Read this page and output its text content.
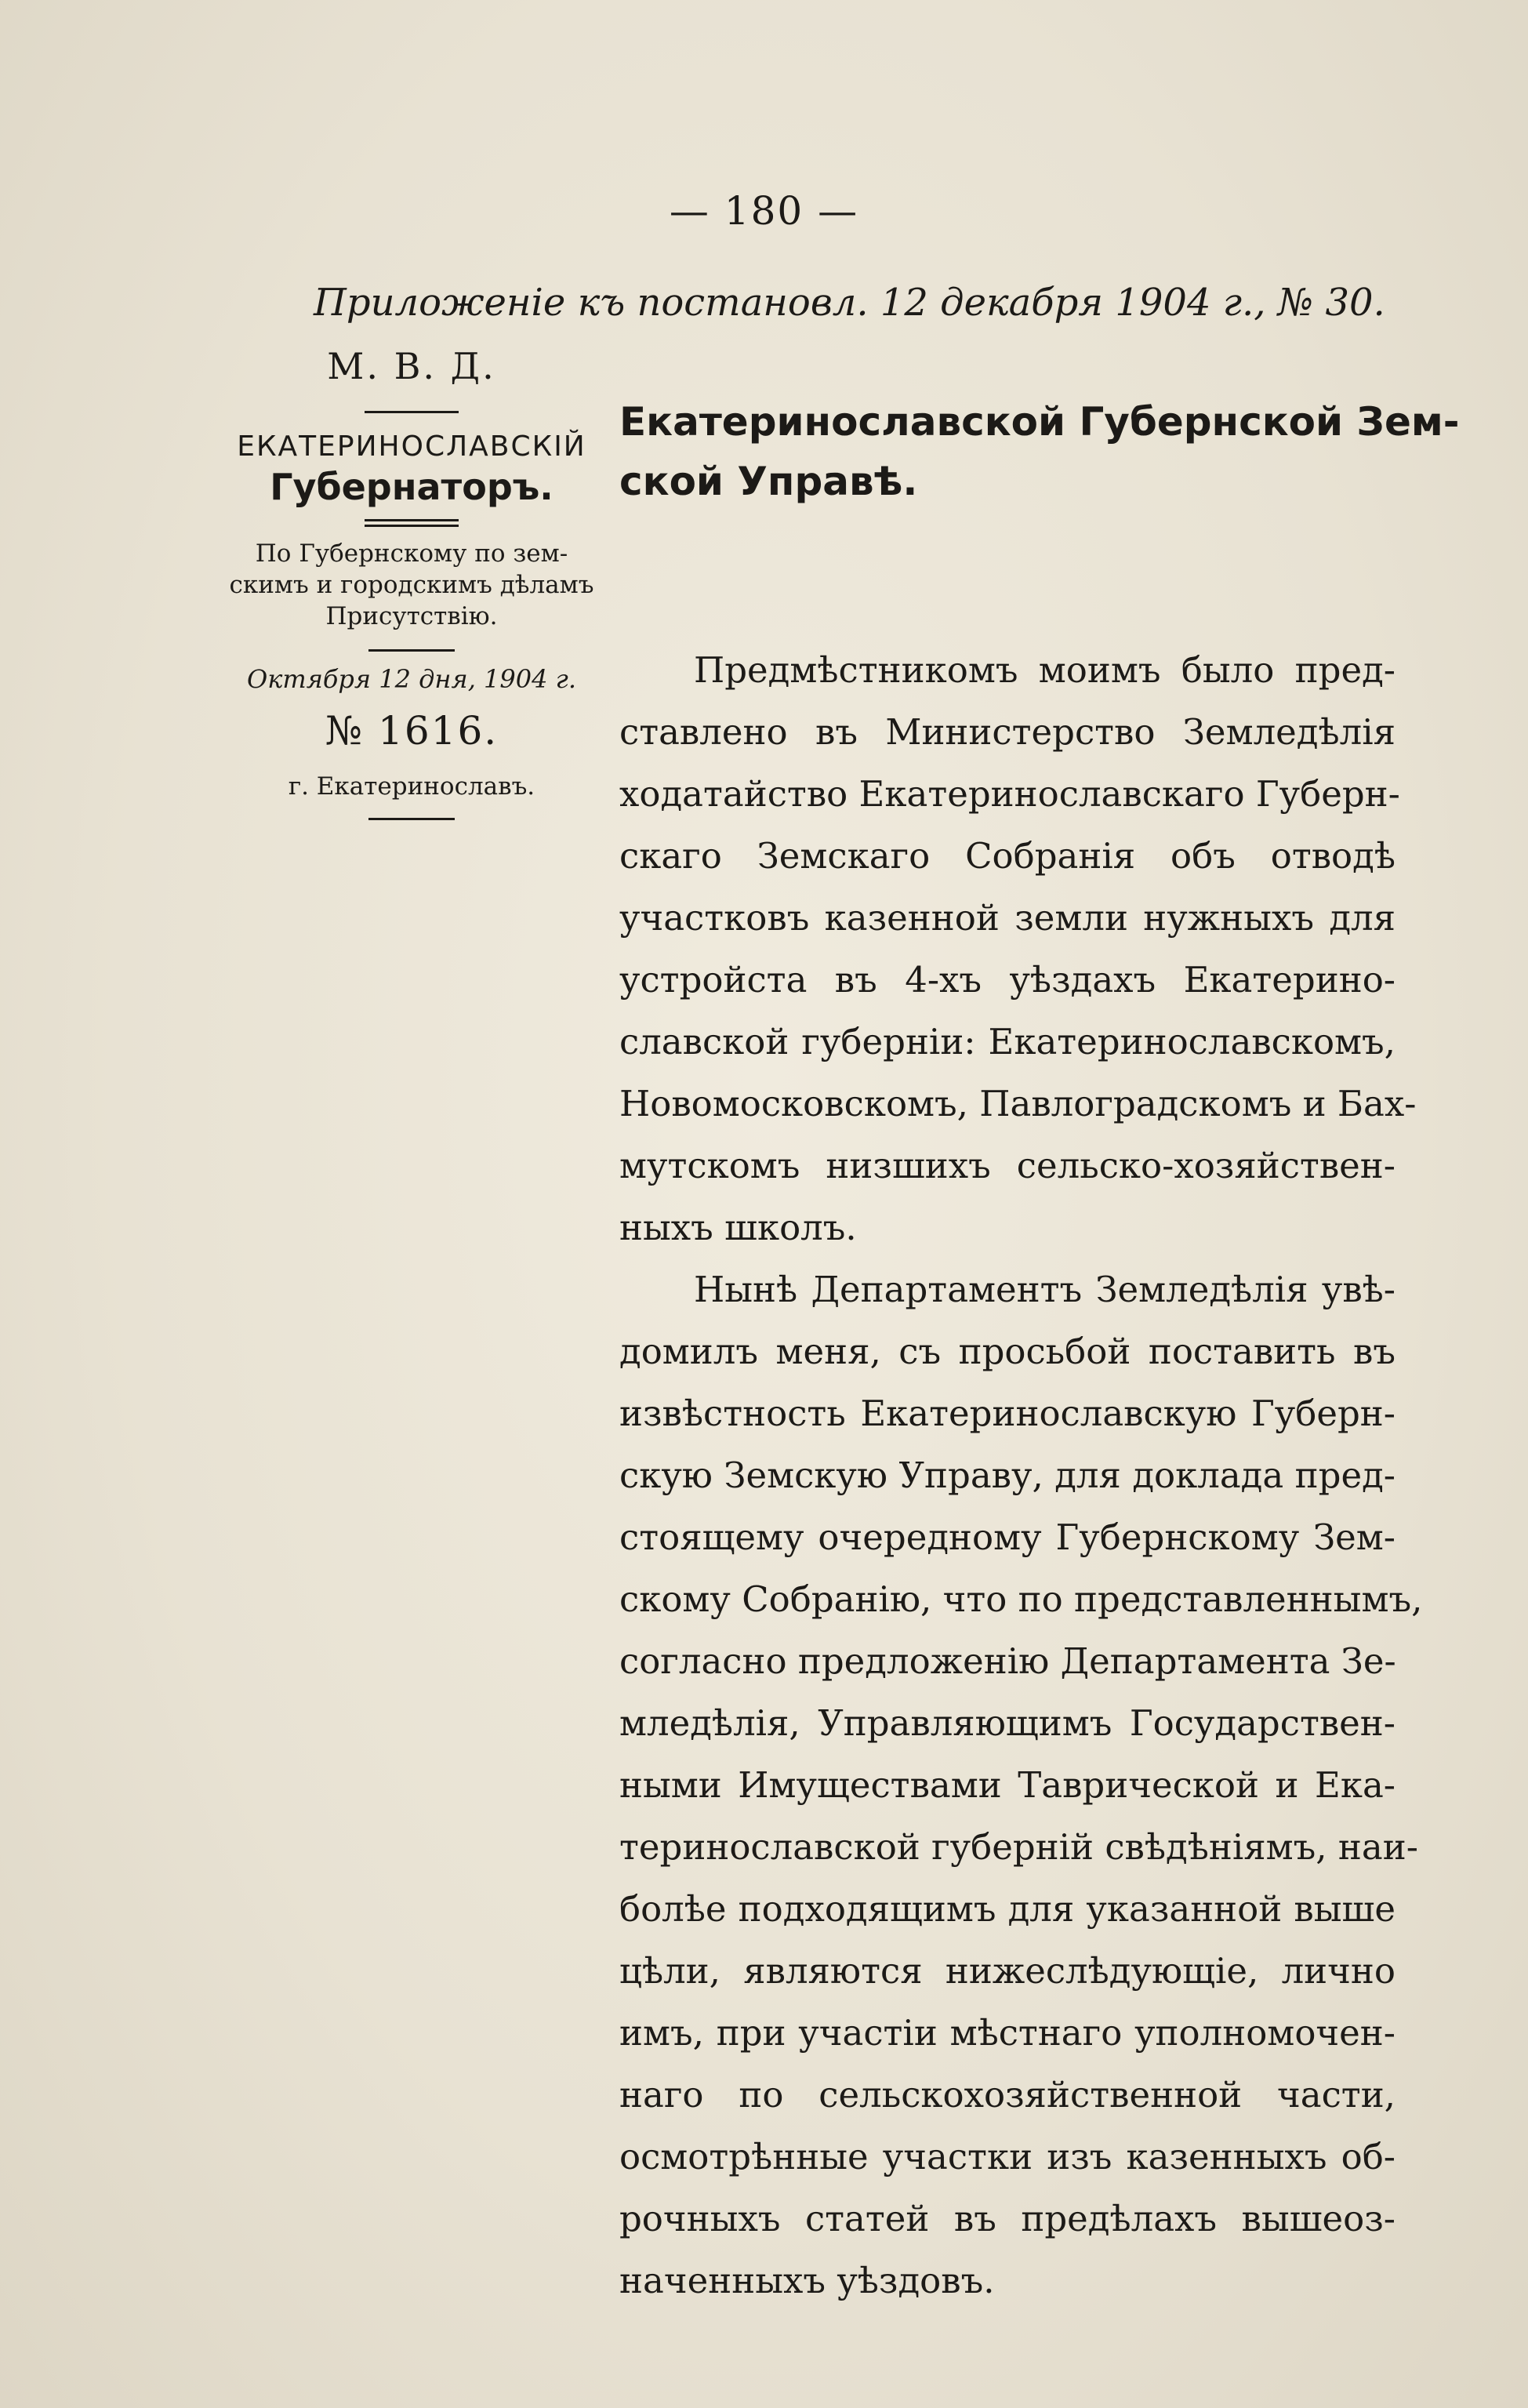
— 180 —
Приложенiе къ постановл. 12 декабря 1904 г., № 30.
М. В. Д.
ЕКАТЕРИНОСЛАВСКIЙ
Губернаторъ.
По Губернскому по зем-
скимъ и городскимъ дѣламъ
Присутствiю.
Октября 12 дня, 1904 г.
№ 1616.
г. Екатеринославъ.
Екатеринославской Губернской Зем-
ской Управѣ.
Предмѣстникомъ моимъ было пред-
ставлено въ Министерство Земледѣлiя
ходатайство Екатеринославскаго Губерн-
скаго Земскаго Собранiя объ отводѣ
участковъ казенной земли нужныхъ для
устройста въ 4-хъ уѣздахъ Екатерино-
славской губернiи: Екатеринославскомъ,
Новомосковскомъ, Павлоградскомъ и Бах-
мутскомъ низшихъ сельско-хозяйствен-
ныхъ школъ.
Нынѣ Департаментъ Земледѣлiя увѣ-
домилъ меня, съ просьбой поставить въ
извѣстность Екатеринославскую Губерн-
скую Земскую Управу, для доклада пред-
стоящему очередному Губернскому Зем-
скому Собранiю, что по представленнымъ,
согласно предложенiю Департамента Зе-
мледѣлiя, Управляющимъ Государствен-
ными Имуществами Таврической и Ека-
теринославской губернiй свѣдѣнiямъ, наи-
болѣе подходящимъ для указанной выше
цѣли, являются нижеслѣдующiе, лично
имъ, при участiи мѣстнаго уполномочен-
наго по сельскохозяйственной части,
осмотрѣнные участки изъ казенныхъ об-
рочныхъ статей въ предѣлахъ вышеоз-
наченныхъ уѣздовъ.
